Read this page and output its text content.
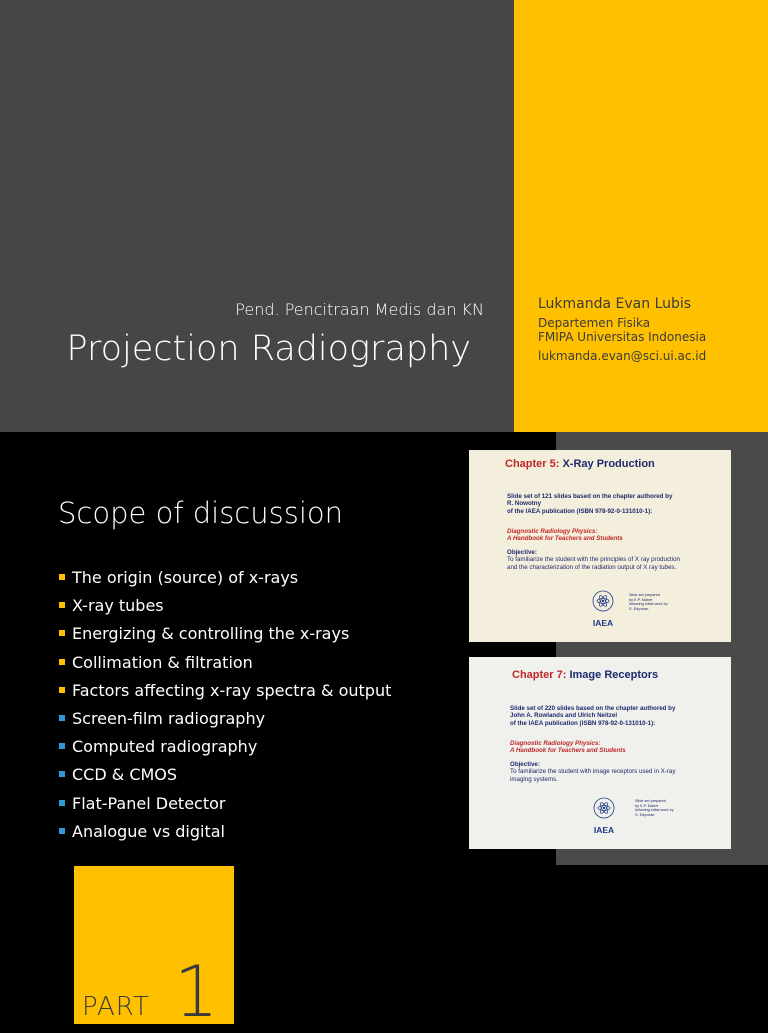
Pend. Pencitraan Medis dan KN
Projection Radiography
Lukmanda Evan Lubis
Departemen Fisika
FMIPA Universitas Indonesia
lukmanda.evan@sci.ui.ac.id
Scope of discussion
The origin (source) of x-rays
X-ray tubes
Energizing & controlling the x-rays
Collimation & filtration
Factors affecting x-ray spectra & output
Screen-film radiography
Computed radiography
CCD & CMOS
Flat-Panel Detector
Analogue vs digital
Chapter 5: X-Ray Production
Slide set of 121 slides based on the chapter authored by
R. Nowotny
of the IAEA publication (ISBN 978-92-0-131010-1):
Diagnostic Radiology Physics:
A Handbook for Teachers and Students
Objective:
To familiarize the student with the principles of X ray production
and the characterization of the radiation output of X ray tubes.
IAEA
Slide set prepared
by K.P. Maher
following initial work by
S. Edyvean
Chapter 7: Image Receptors
Slide set of 220 slides based on the chapter authored by
John A. Rowlands and Ulrich Neitzel
of the IAEA publication (ISBN 978-92-0-131010-1):
Diagnostic Radiology Physics:
A Handbook for Teachers and Students
Objective:
To familiarize the student with image receptors used in X-ray
imaging systems.
IAEA
Slide set prepared
by K.P. Maher
following initial work by
S. Edyvean
PART 1
